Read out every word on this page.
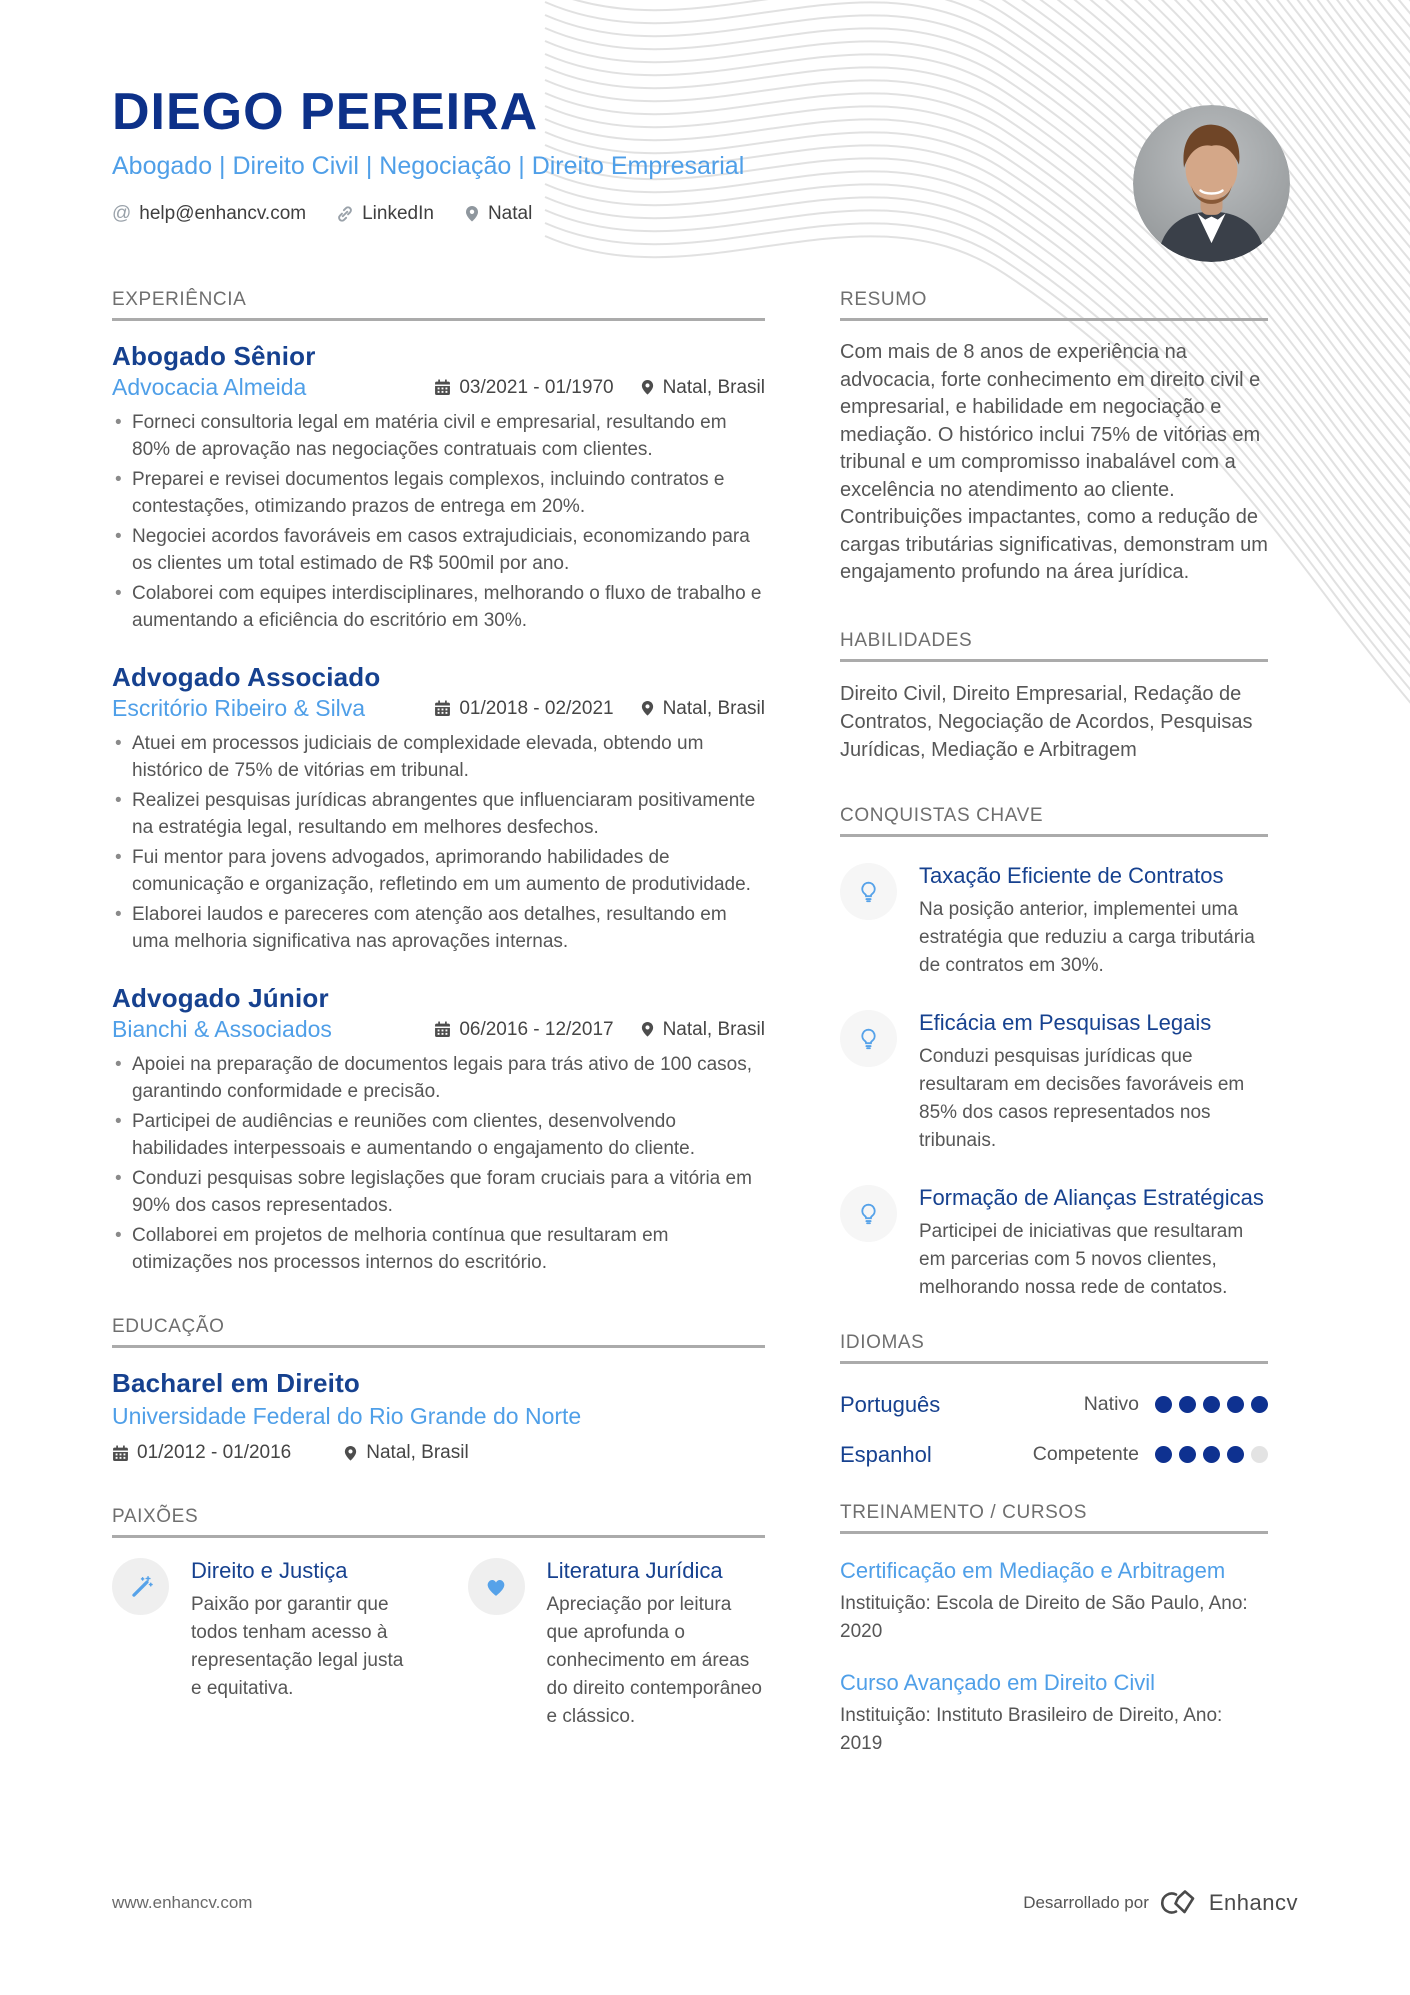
DIEGO PEREIRA
Abogado | Direito Civil | Negociação | Direito Empresarial
@ help@enhancv.com	LinkedIn	Natal
EXPERIÊNCIA
Abogado Sênior
Advocacia Almeida	03/2021 - 01/1970	Natal, Brasil
• Forneci consultoria legal em matéria civil e empresarial, resultando em 80% de aprovação nas negociações contratuais com clientes.
• Preparei e revisei documentos legais complexos, incluindo contratos e contestações, otimizando prazos de entrega em 20%.
• Negociei acordos favoráveis em casos extrajudiciais, economizando para os clientes um total estimado de R$ 500mil por ano.
• Colaborei com equipes interdisciplinares, melhorando o fluxo de trabalho e aumentando a eficiência do escritório em 30%.
Advogado Associado
Escritório Ribeiro & Silva	01/2018 - 02/2021	Natal, Brasil
• Atuei em processos judiciais de complexidade elevada, obtendo um histórico de 75% de vitórias em tribunal.
• Realizei pesquisas jurídicas abrangentes que influenciaram positivamente na estratégia legal, resultando em melhores desfechos.
• Fui mentor para jovens advogados, aprimorando habilidades de comunicação e organização, refletindo em um aumento de produtividade.
• Elaborei laudos e pareceres com atenção aos detalhes, resultando em uma melhoria significativa nas aprovações internas.
Advogado Júnior
Bianchi & Associados	06/2016 - 12/2017	Natal, Brasil
• Apoiei na preparação de documentos legais para trás ativo de 100 casos, garantindo conformidade e precisão.
• Participei de audiências e reuniões com clientes, desenvolvendo habilidades interpessoais e aumentando o engajamento do cliente.
• Conduzi pesquisas sobre legislações que foram cruciais para a vitória em 90% dos casos representados.
• Collaborei em projetos de melhoria contínua que resultaram em otimizações nos processos internos do escritório.
EDUCAÇÃO
Bacharel em Direito
Universidade Federal do Rio Grande do Norte
01/2012 - 01/2016	Natal, Brasil
PAIXÕES
Direito e Justiça
Paixão por garantir que todos tenham acesso à representação legal justa e equitativa.
Literatura Jurídica
Apreciação por leitura que aprofunda o conhecimento em áreas do direito contemporâneo e clássico.
RESUMO

Com mais de 8 anos de experiência na advocacia, forte conhecimento em direito civil e empresarial, e habilidade em negociação e mediação. O histórico inclui 75% de vitórias em tribunal e um compromisso inabalável com a excelência no atendimento ao cliente. Contribuições impactantes, como a redução de cargas tributárias significativas, demonstram um engajamento profundo na área jurídica.

HABILIDADES

Direito Civil, Direito Empresarial, Redação de Contratos, Negociação de Acordos, Pesquisas Jurídicas, Mediação e Arbitragem

CONQUISTAS CHAVE
Taxação Eficiente de Contratos
Na posição anterior, implementei uma estratégia que reduziu a carga tributária de contratos em 30%.
Eficácia em Pesquisas Legais
Conduzi pesquisas jurídicas que resultaram em decisões favoráveis em 85% dos casos representados nos tribunais.
Formação de Alianças Estratégicas
Participei de iniciativas que resultaram em parcerias com 5 novos clientes, melhorando nossa rede de contatos.
IDIOMAS
Português	Nativo
Espanhol	Competente
TREINAMENTO / CURSOS
Certificação em Mediação e Arbitragem

Instituição: Escola de Direito de São Paulo, Ano: 2020

Curso Avançado em Direito Civil

Instituição: Instituto Brasileiro de Direito, Ano: 2019

www.enhancv.com	Desarrollado por	Enhancv
